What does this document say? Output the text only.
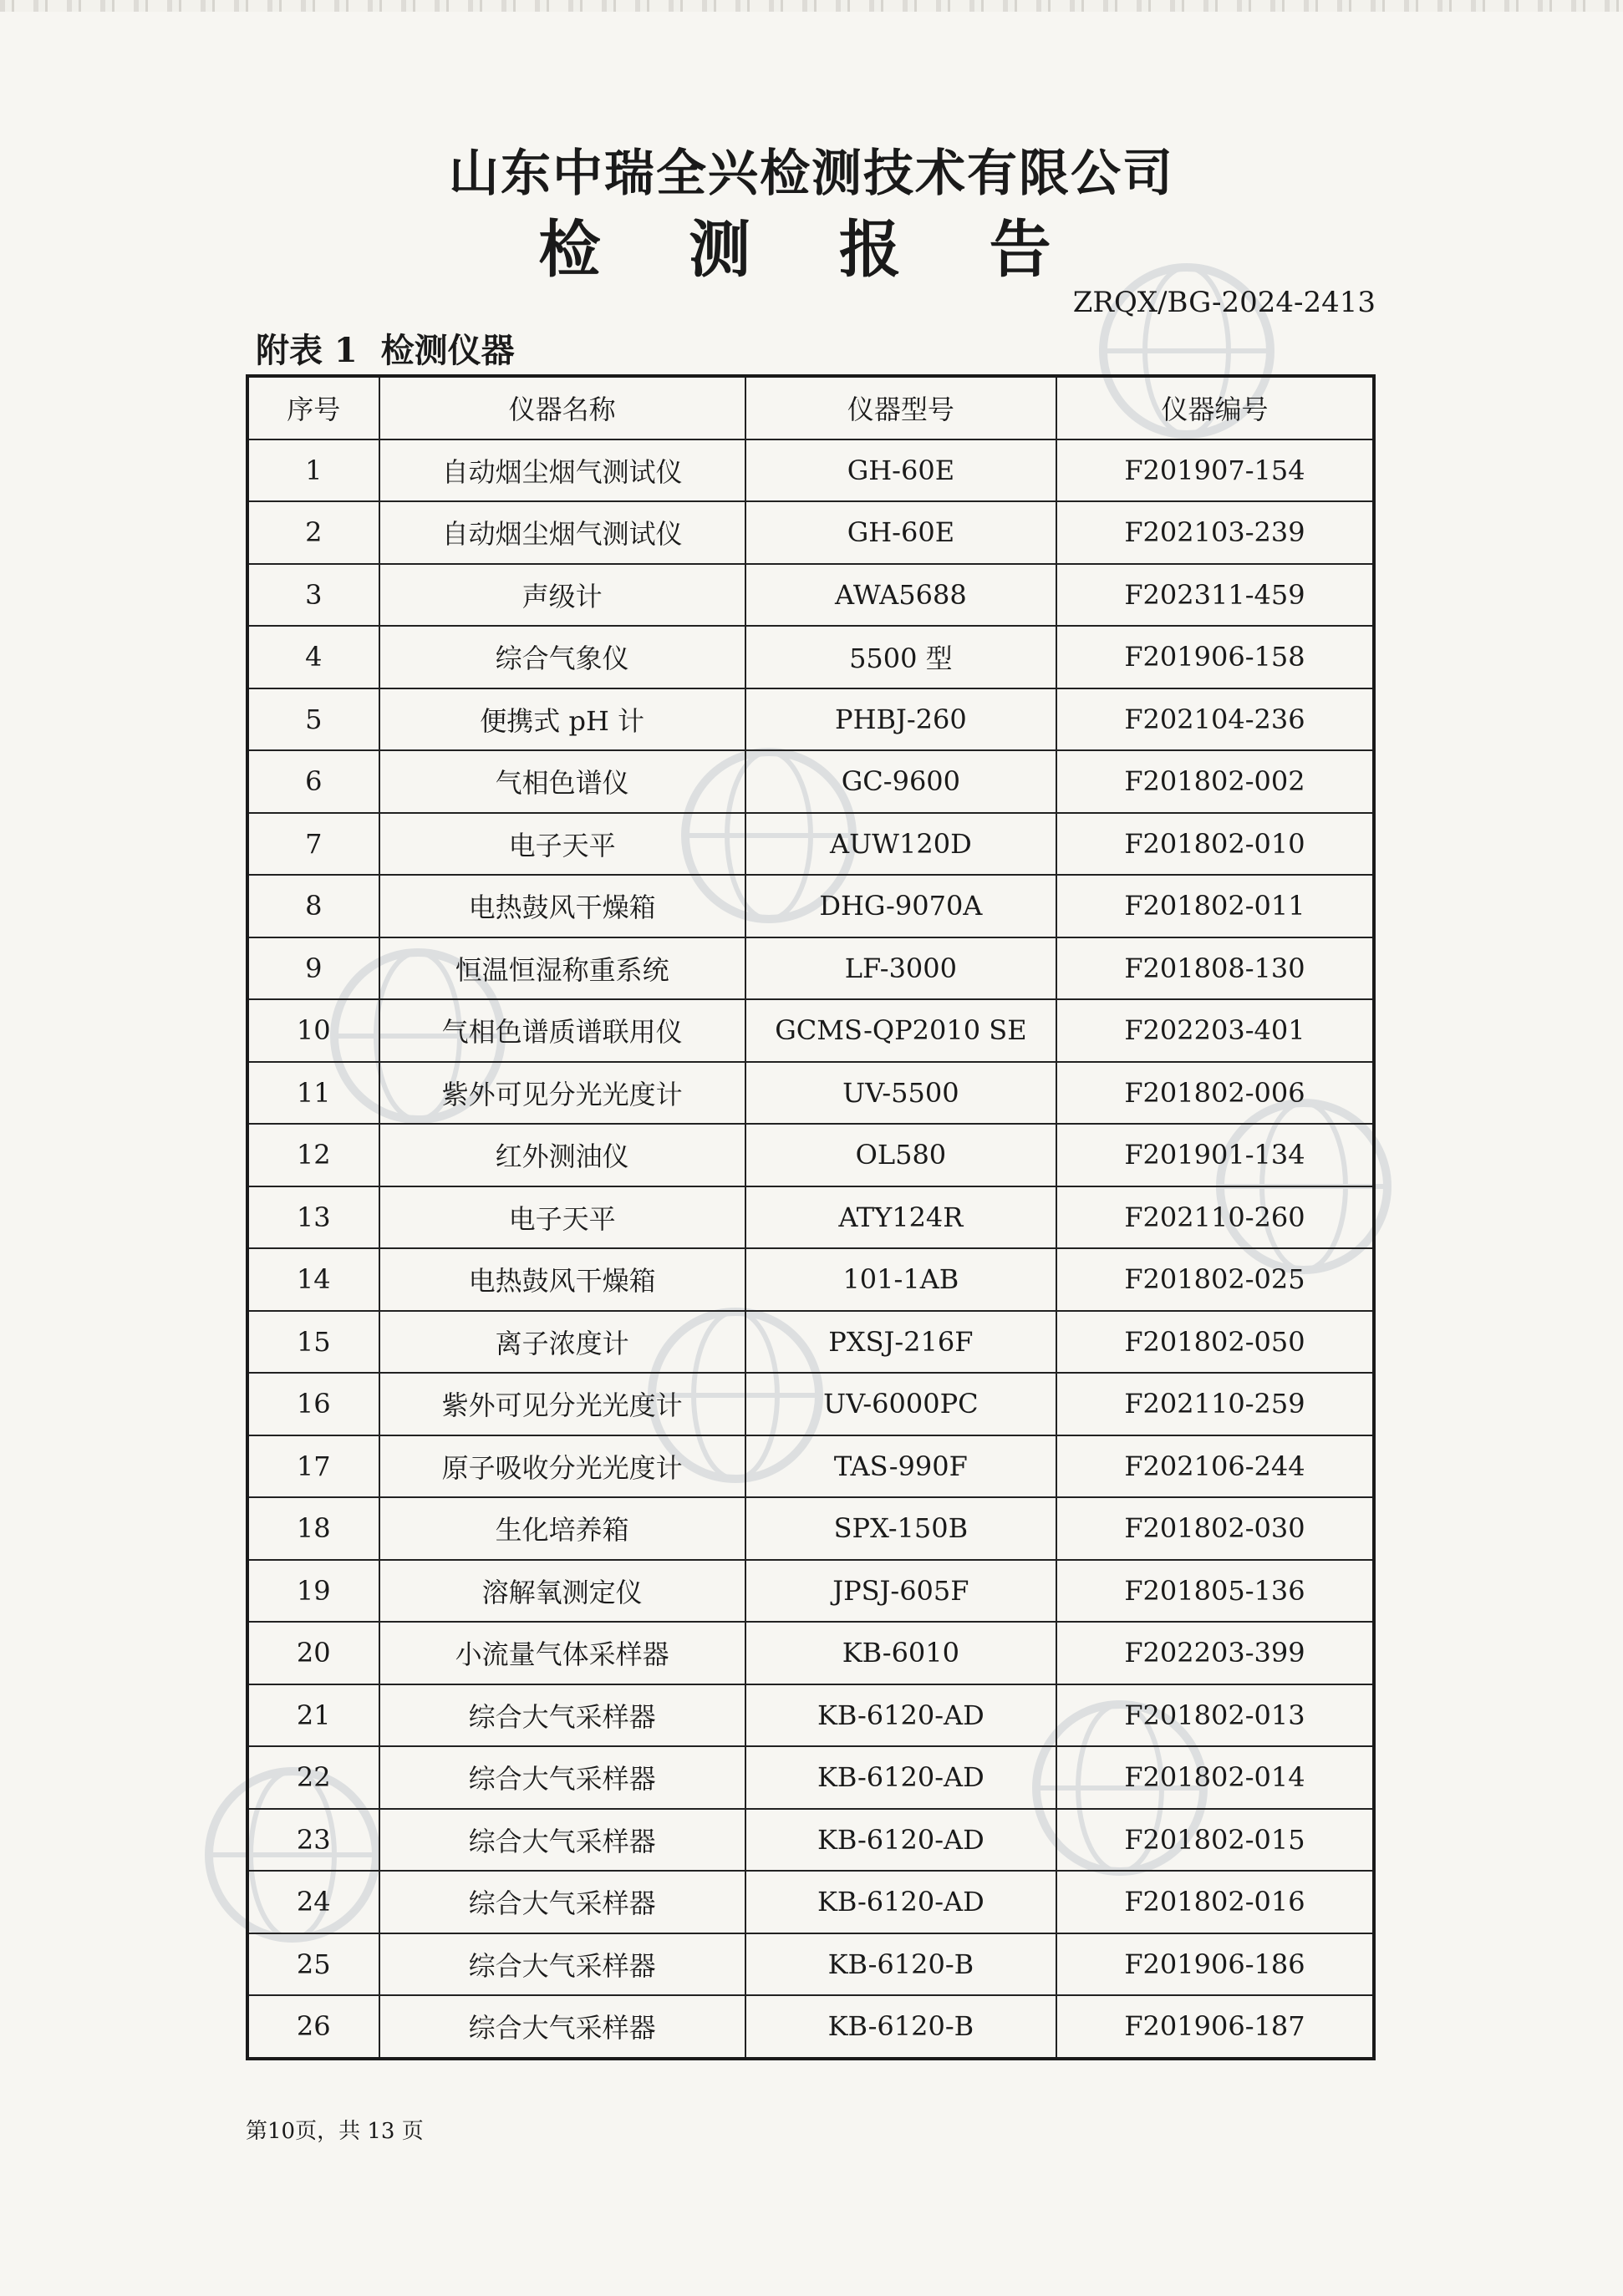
山东中瑞全兴检测技术有限公司
检 测 报 告
ZRQX/BG-2024-2413
附表 1 检测仪器
序号	仪器名称	仪器型号	仪器编号
1	自动烟尘烟气测试仪	GH-60E	F201907-154
2	自动烟尘烟气测试仪	GH-60E	F202103-239
3	声级计	AWA5688	F202311-459
4	综合气象仪	5500 型	F201906-158
5	便携式 pH 计	PHBJ-260	F202104-236
6	气相色谱仪	GC-9600	F201802-002
7	电子天平	AUW120D	F201802-010
8	电热鼓风干燥箱	DHG-9070A	F201802-011
9	恒温恒湿称重系统	LF-3000	F201808-130
10	气相色谱质谱联用仪	GCMS-QP2010 SE	F202203-401
11	紫外可见分光光度计	UV-5500	F201802-006
12	红外测油仪	OL580	F201901-134
13	电子天平	ATY124R	F202110-260
14	电热鼓风干燥箱	101-1AB	F201802-025
15	离子浓度计	PXSJ-216F	F201802-050
16	紫外可见分光光度计	UV-6000PC	F202110-259
17	原子吸收分光光度计	TAS-990F	F202106-244
18	生化培养箱	SPX-150B	F201802-030
19	溶解氧测定仪	JPSJ-605F	F201805-136
20	小流量气体采样器	KB-6010	F202203-399
21	综合大气采样器	KB-6120-AD	F201802-013
22	综合大气采样器	KB-6120-AD	F201802-014
23	综合大气采样器	KB-6120-AD	F201802-015
24	综合大气采样器	KB-6120-AD	F201802-016
25	综合大气采样器	KB-6120-B	F201906-186
26	综合大气采样器	KB-6120-B	F201906-187
第10页，共 13 页
